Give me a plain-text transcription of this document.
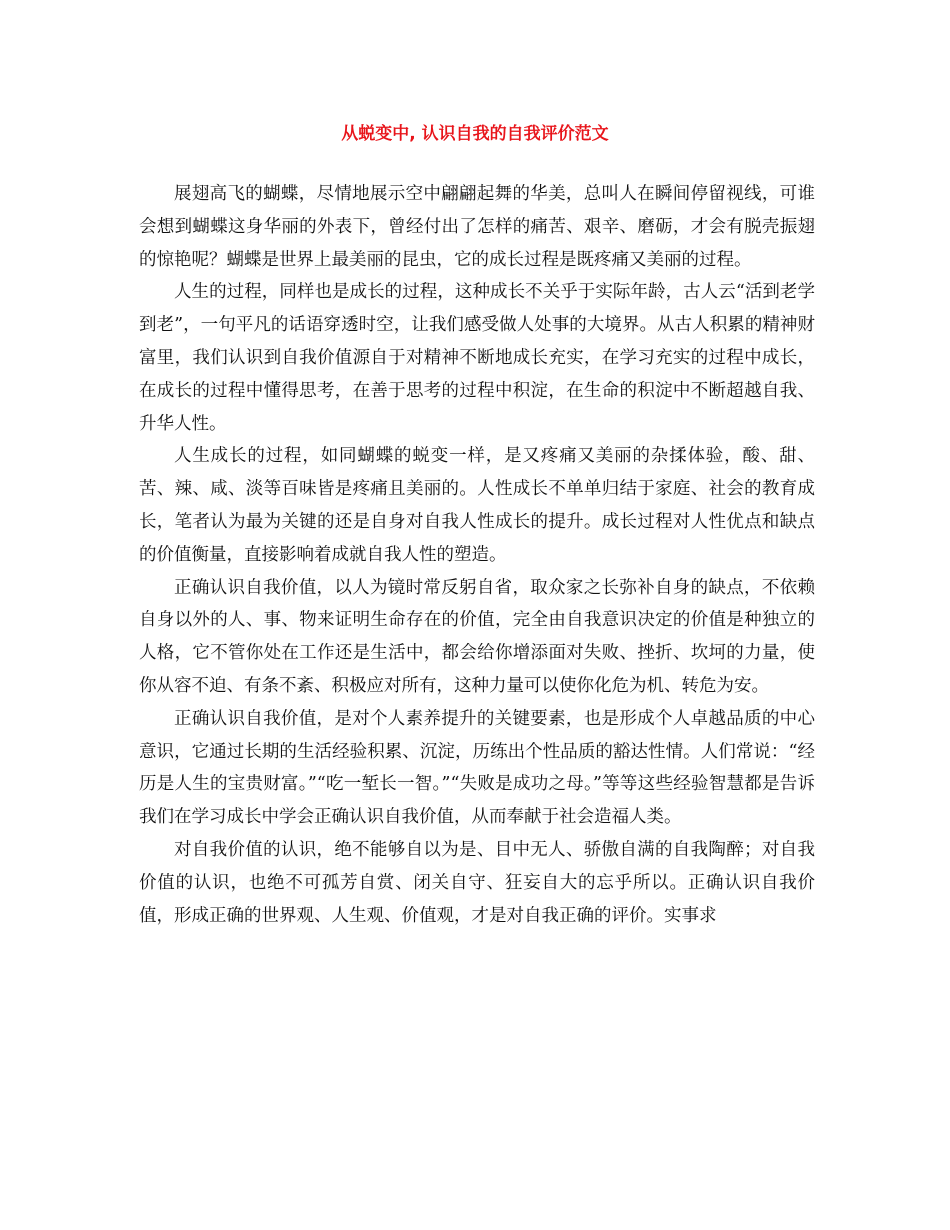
从蜕变中, 认识自我的自我评价范文

展翅高飞的蝴蝶，尽情地展示空中翩翩起舞的华美，总叫人在瞬间停留视线，可谁会想到蝴蝶这身华丽的外表下，曾经付出了怎样的痛苦、艰辛、磨砺，才会有脱壳振翅的惊艳呢？蝴蝶是世界上最美丽的昆虫，它的成长过程是既疼痛又美丽的过程。

人生的过程，同样也是成长的过程，这种成长不关乎于实际年龄，古人云“活到老学到老”，一句平凡的话语穿透时空，让我们感受做人处事的大境界。从古人积累的精神财富里，我们认识到自我价值源自于对精神不断地成长充实，在学习充实的过程中成长，在成长的过程中懂得思考，在善于思考的过程中积淀，在生命的积淀中不断超越自我、升华人性。

人生成长的过程，如同蝴蝶的蜕变一样，是又疼痛又美丽的杂揉体验，酸、甜、苦、辣、咸、淡等百味皆是疼痛且美丽的。人性成长不单单归结于家庭、社会的教育成长，笔者认为最为关键的还是自身对自我人性成长的提升。成长过程对人性优点和缺点的价值衡量，直接影响着成就自我人性的塑造。

正确认识自我价值，以人为镜时常反躬自省，取众家之长弥补自身的缺点，不依赖自身以外的人、事、物来证明生命存在的价值，完全由自我意识决定的价值是种独立的人格，它不管你处在工作还是生活中，都会给你增添面对失败、挫折、坎坷的力量，使你从容不迫、有条不紊、积极应对所有，这种力量可以使你化危为机、转危为安。

正确认识自我价值，是对个人素养提升的关键要素，也是形成个人卓越品质的中心意识，它通过长期的生活经验积累、沉淀，历练出个性品质的豁达性情。人们常说：“经历是人生的宝贵财富。”“吃一堑长一智。”“失败是成功之母。”等等这些经验智慧都是告诉我们在学习成长中学会正确认识自我价值，从而奉献于社会造福人类。

对自我价值的认识，绝不能够自以为是、目中无人、骄傲自满的自我陶醉；对自我价值的认识，也绝不可孤芳自赏、闭关自守、狂妄自大的忘乎所以。正确认识自我价值，形成正确的世界观、人生观、价值观，才是对自我正确的评价。实事求
